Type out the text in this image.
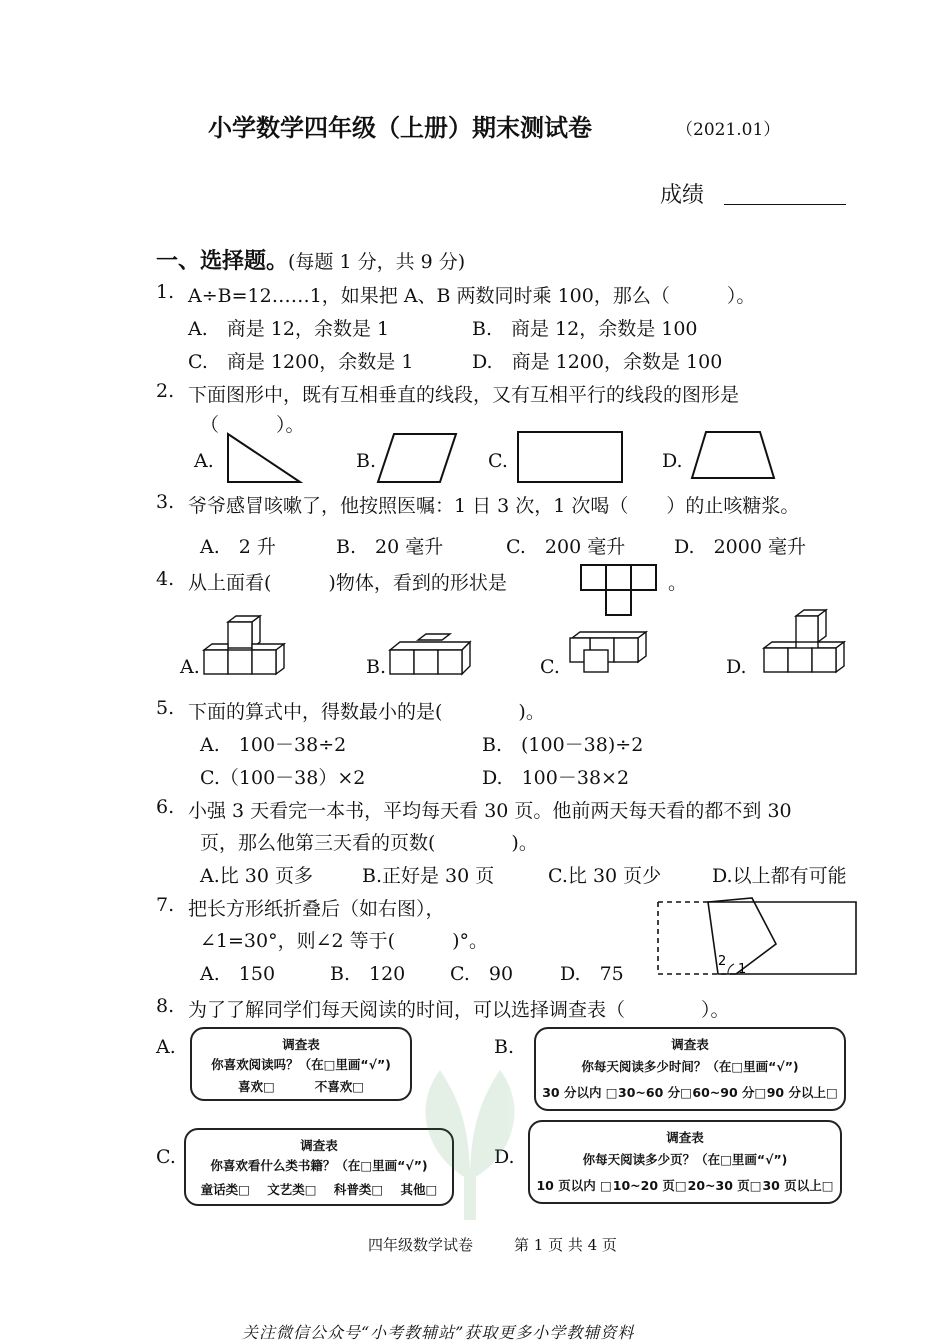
小学数学四年级（上册）期末测试卷	（2021.01）
成绩
一、选择题。(每题 1 分，共 9 分)
1. A÷B=12……1，如果把 A、B 两数同时乘 100，那么（　　　）。
A.　商是 12，余数是 1	B.　商是 12，余数是 100
C.　商是 1200，余数是 1	D.　商是 1200，余数是 100
2. 下面图形中，既有互相垂直的线段，又有互相平行的线段的图形是
（　　　）。
A.	B.	C.	D.
3. 爷爷感冒咳嗽了，他按照医嘱：1 日 3 次，1 次喝（　　）的止咳糖浆。
A.　2 升	B.　20 毫升	C.　200 毫升	D.　2000 毫升
4. 从上面看(　　　)物体，看到的形状是	。
A.	B.	C.	D.
5. 下面的算式中，得数最小的是(　　　　)。
A.　100－38÷2	B.　(100－38)÷2
C.（100－38）×2	D.　100－38×2
6. 小强 3 天看完一本书，平均每天看 30 页。他前两天每天看的都不到 30
页，那么他第三天看的页数(　　　　)。
A.比 30 页多	B.正好是 30 页	C.比 30 页少	D.以上都有可能
7. 把长方形纸折叠后（如右图），
∠1=30°，则∠2 等于(　　　)°。
A.　150	B.　120 C.　90 D.　75
2
1
8. 为了了解同学们每天阅读的时间，可以选择调查表（　　　　）。
A.	调查表
你喜欢阅读吗？（在□里画“√”)
喜欢□	不喜欢□
B.	调查表
你每天阅读多少时间？（在□里画“√”)
30 分以内 □ 30~60 分□ 60~90 分□ 90 分以上□
C.
调查表
你喜欢看什么类书籍？（在□里画“√”)
童话类□ 文艺类□ 科普类□ 其他□
D.
调查表
你每天阅读多少页？（在□里画“√”)
10 页以内 □ 10~20 页□ 20~30 页□ 30 页以上□
四年级数学试卷	第 1 页 共 4 页
关注微信公众号“小考教辅站”获取更多小学教辅资料
